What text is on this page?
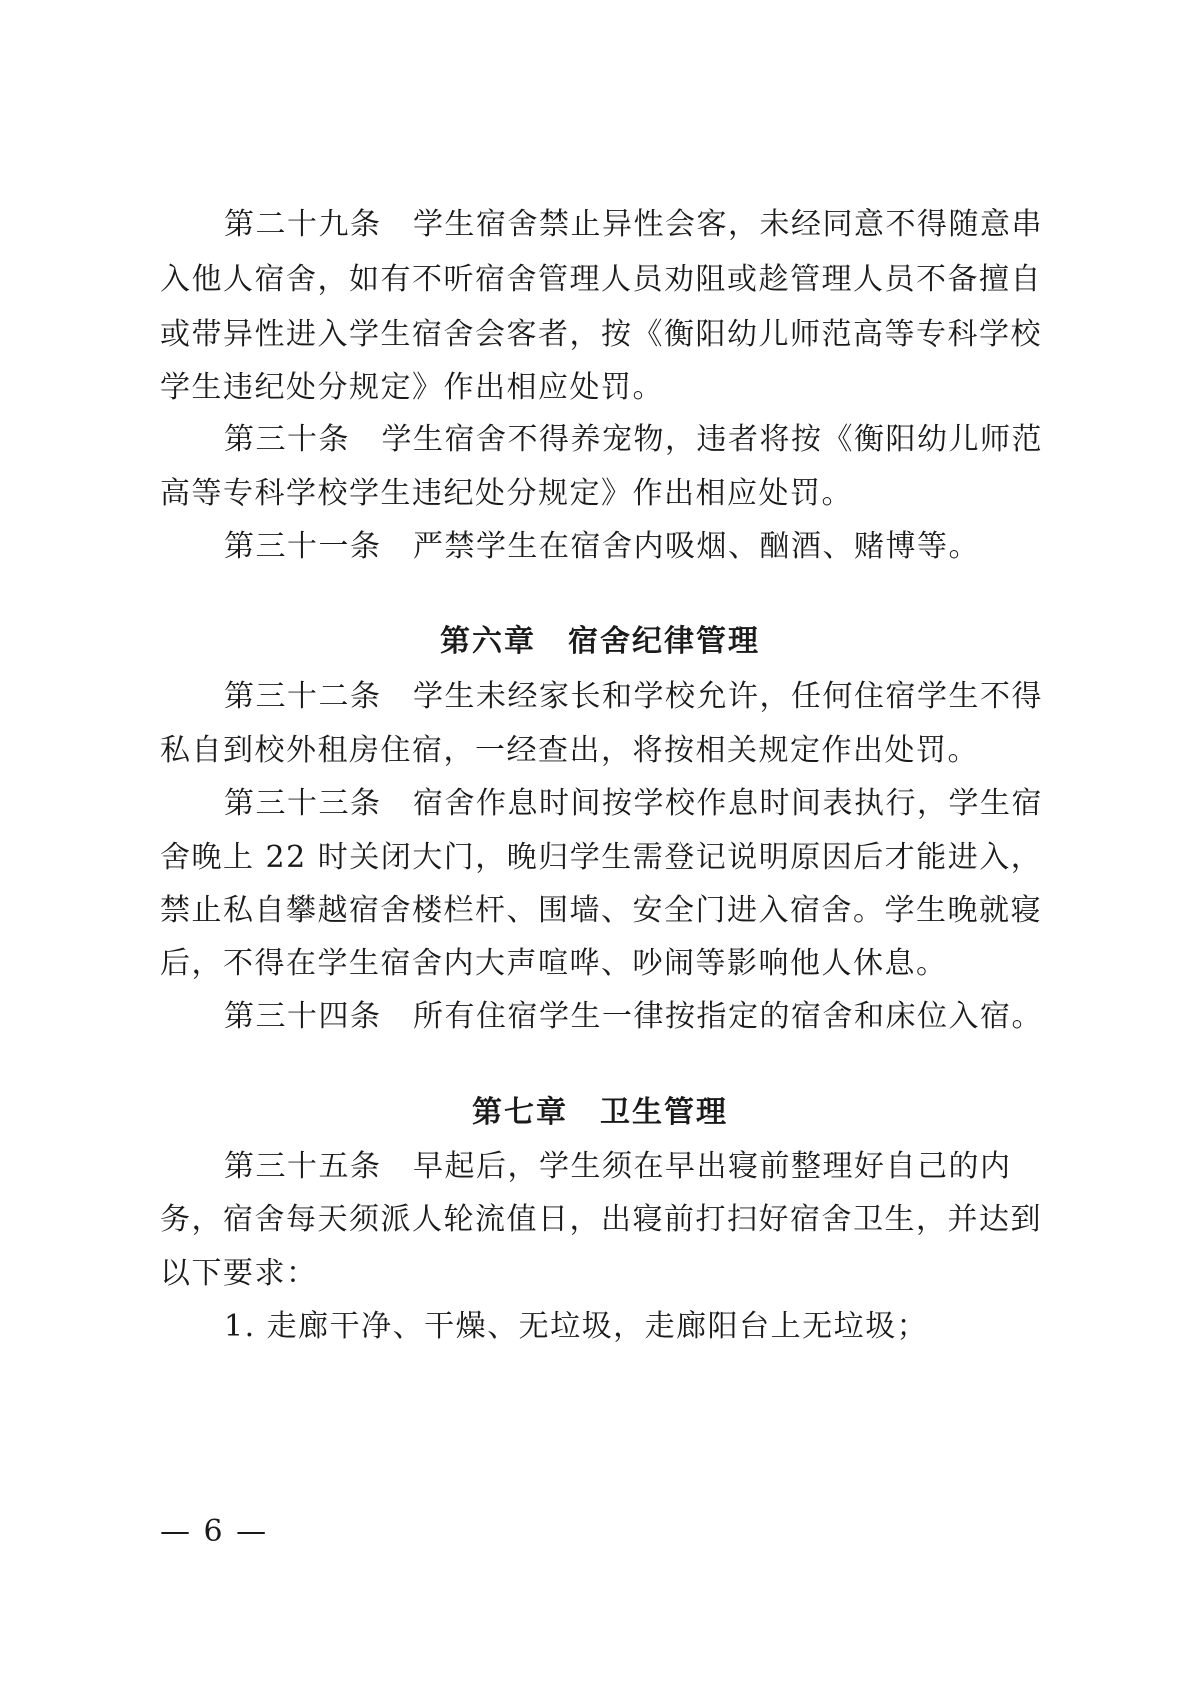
第二十九条　学生宿舍禁止异性会客，未经同意不得随意串

入他人宿舍，如有不听宿舍管理人员劝阻或趁管理人员不备擅自

或带异性进入学生宿舍会客者，按《衡阳幼儿师范高等专科学校

学生违纪处分规定》作出相应处罚。

第三十条　学生宿舍不得养宠物，违者将按《衡阳幼儿师范

高等专科学校学生违纪处分规定》作出相应处罚。

第三十一条　严禁学生在宿舍内吸烟、酗酒、赌博等。

第六章　宿舍纪律管理

第三十二条　学生未经家长和学校允许，任何住宿学生不得

私自到校外租房住宿，一经查出，将按相关规定作出处罚。

第三十三条　宿舍作息时间按学校作息时间表执行，学生宿

舍晚上 22 时关闭大门，晚归学生需登记说明原因后才能进入，

禁止私自攀越宿舍楼栏杆、围墙、安全门进入宿舍。学生晚就寝

后，不得在学生宿舍内大声喧哗、吵闹等影响他人休息。

第三十四条　所有住宿学生一律按指定的宿舍和床位入宿。

第七章　卫生管理

第三十五条　早起后，学生须在早出寝前整理好自己的内

务，宿舍每天须派人轮流值日，出寝前打扫好宿舍卫生，并达到

以下要求：

1. 走廊干净、干燥、无垃圾，走廊阳台上无垃圾；

— 6 —
